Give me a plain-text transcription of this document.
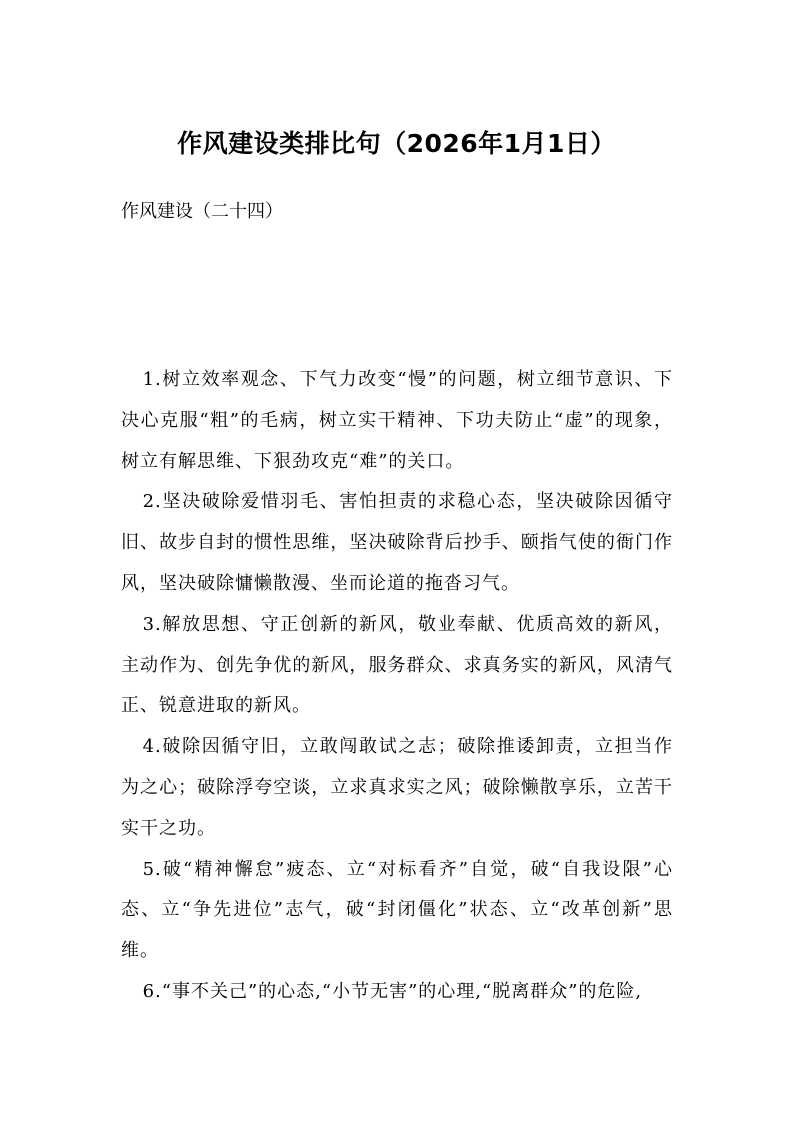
作风建设类排比句（2026年1月1日）

作风建设（二十四）

1.树立效率观念、下气力改变“慢”的问题，树立细节意识、下决心克服“粗”的毛病，树立实干精神、下功夫防止“虚”的现象，树立有解思维、下狠劲攻克“难”的关口。

2.坚决破除爱惜羽毛、害怕担责的求稳心态，坚决破除因循守旧、故步自封的惯性思维，坚决破除背后抄手、颐指气使的衙门作风，坚决破除慵懒散漫、坐而论道的拖沓习气。

3.解放思想、守正创新的新风，敬业奉献、优质高效的新风，主动作为、创先争优的新风，服务群众、求真务实的新风，风清气正、锐意进取的新风。

4.破除因循守旧，立敢闯敢试之志；破除推诿卸责，立担当作为之心；破除浮夸空谈，立求真求实之风；破除懒散享乐，立苦干实干之功。

5.破“精神懈怠”疲态、立“对标看齐”自觉，破“自我设限”心态、立“争先进位”志气，破“封闭僵化”状态、立“改革创新”思维。

6.“事不关己”的心态,“小节无害”的心理,“脱离群众”的危险,
